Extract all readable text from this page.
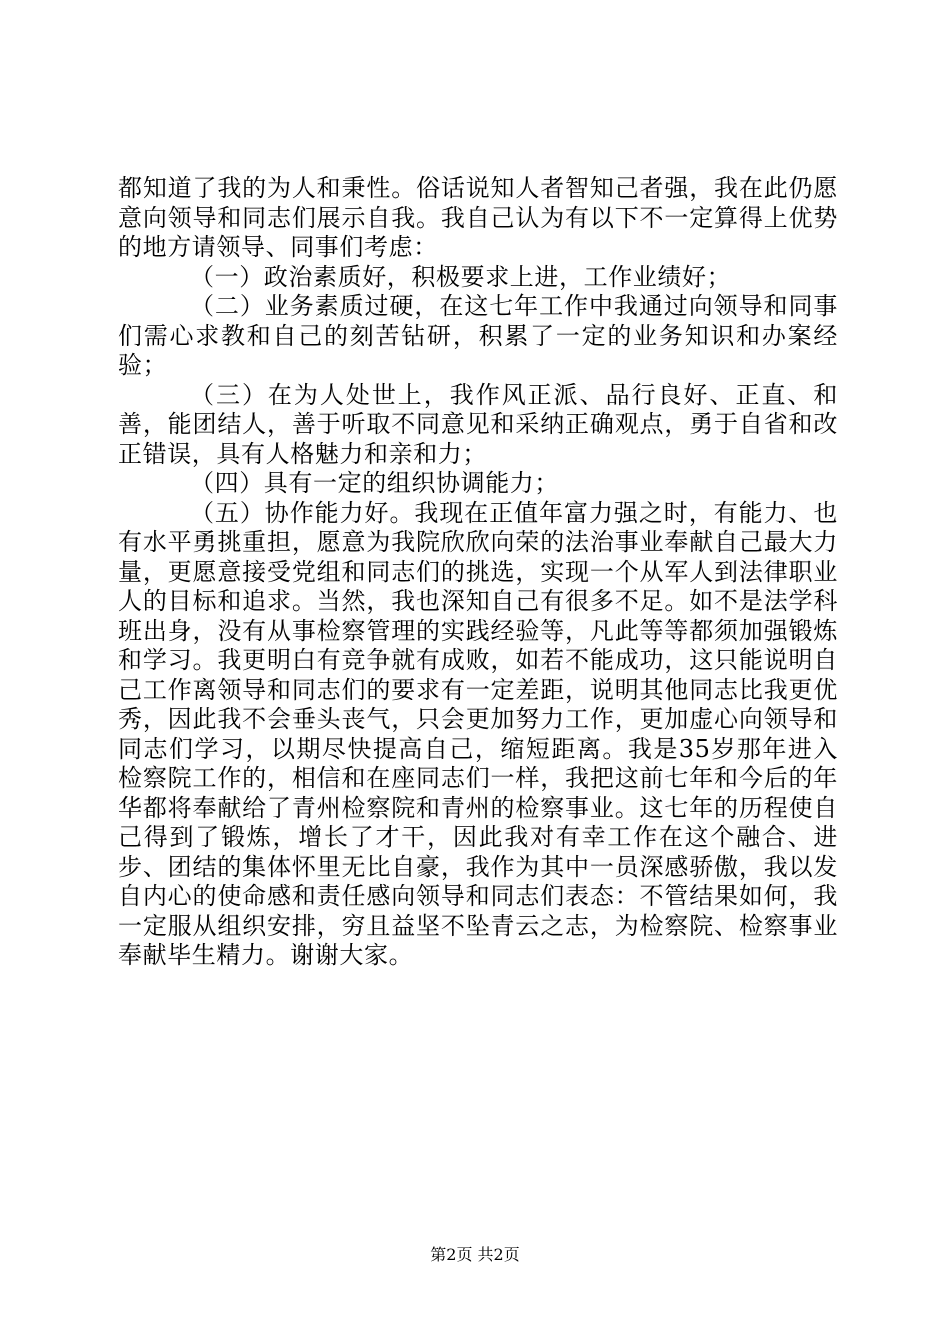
都知道了我的为人和秉性。俗话说知人者智知己者强，我在此仍愿意向领导和同志们展示自我。我自己认为有以下不一定算得上优势的地方请领导、同事们考虑：

（一）政治素质好，积极要求上进，工作业绩好；

（二）业务素质过硬，在这七年工作中我通过向领导和同事们需心求教和自己的刻苦钻研，积累了一定的业务知识和办案经验；

（三）在为人处世上，我作风正派、品行良好、正直、和善，能团结人，善于听取不同意见和采纳正确观点，勇于自省和改正错误，具有人格魅力和亲和力；

（四）具有一定的组织协调能力；

（五）协作能力好。我现在正值年富力强之时，有能力、也有水平勇挑重担，愿意为我院欣欣向荣的法治事业奉献自己最大力量，更愿意接受党组和同志们的挑选，实现一个从军人到法律职业人的目标和追求。当然，我也深知自己有很多不足。如不是法学科班出身，没有从事检察管理的实践经验等，凡此等等都须加强锻炼和学习。我更明白有竞争就有成败，如若不能成功，这只能说明自己工作离领导和同志们的要求有一定差距，说明其他同志比我更优秀，因此我不会垂头丧气，只会更加努力工作，更加虚心向领导和同志们学习，以期尽快提高自己，缩短距离。我是35岁那年进入检察院工作的，相信和在座同志们一样，我把这前七年和今后的年华都将奉献给了青州检察院和青州的检察事业。这七年的历程使自己得到了锻炼，增长了才干，因此我对有幸工作在这个融合、进步、团结的集体怀里无比自豪，我作为其中一员深感骄傲，我以发自内心的使命感和责任感向领导和同志们表态：不管结果如何，我一定服从组织安排，穷且益坚不坠青云之志，为检察院、检察事业奉献毕生精力。谢谢大家。

第2页 共2页
